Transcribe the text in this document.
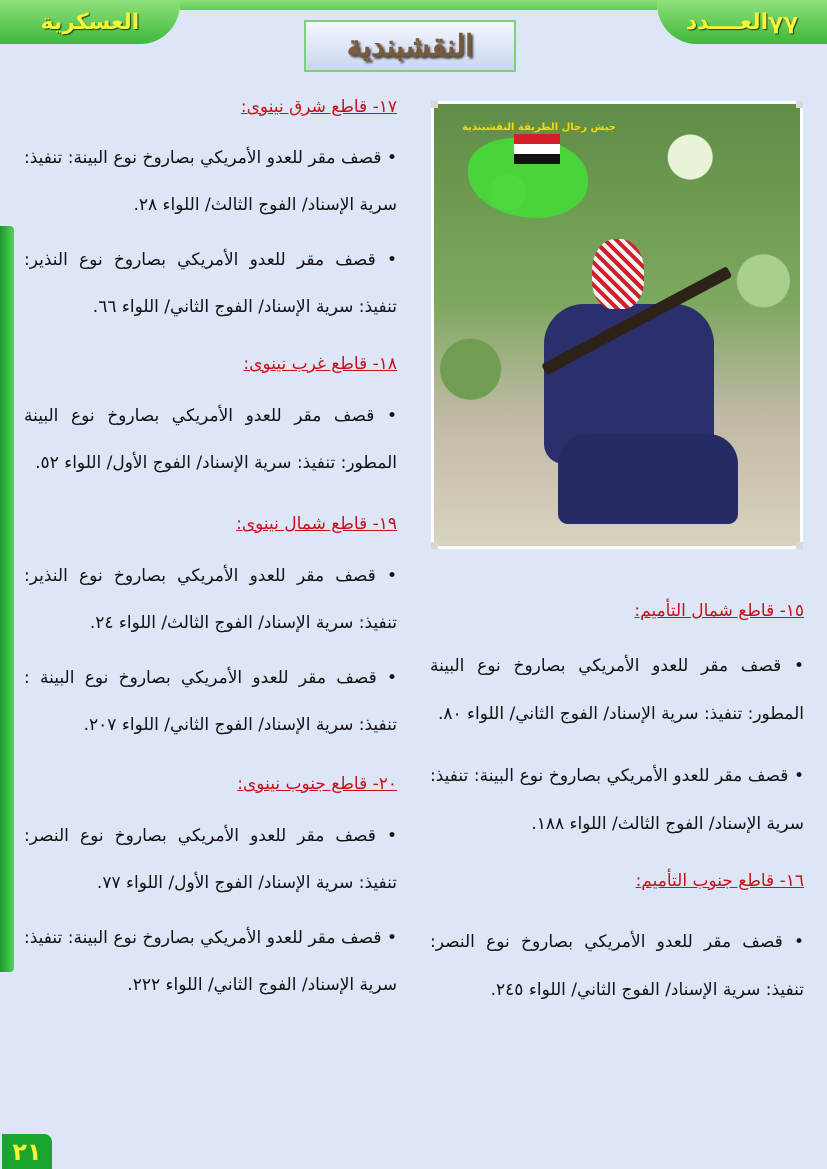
العسكرية	العــــددγγ
النقشبندية
جيش رجال الطريقة النقشبندية

١٧- قاطع شرق نينوى:

• قصف مقر للعدو الأمريكي بصاروخ نوع البينة: تنفيذ: سرية الإسناد/ الفوج الثالث/ اللواء ٢٨.

• قصف مقر للعدو الأمريكي بصاروخ نوع النذير: تنفيذ: سرية الإسناد/ الفوج الثاني/ اللواء ٦٦.

١٨- قاطع غرب نينوى:

• قصف مقر للعدو الأمريكي بصاروخ نوع البينة المطور: تنفيذ: سرية الإسناد/ الفوج الأول/ اللواء ٥٢.

١٩- قاطع شمال نينوى:

• قصف مقر للعدو الأمريكي بصاروخ نوع النذير: تنفيذ: سرية الإسناد/ الفوج الثالث/ اللواء ٢٤.

• قصف مقر للعدو الأمريكي بصاروخ نوع البينة : تنفيذ: سرية الإسناد/ الفوج الثاني/ اللواء ٢٠٧.

٢٠- قاطع جنوب نينوى:

• قصف مقر للعدو الأمريكي بصاروخ نوع النصر: تنفيذ: سرية الإسناد/ الفوج الأول/ اللواء ٧٧.

• قصف مقر للعدو الأمريكي بصاروخ نوع البينة: تنفيذ: سرية الإسناد/ الفوج الثاني/ اللواء ٢٢٢.

١٥- قاطع شمال التأميم:

• قصف مقر للعدو الأمريكي بصاروخ نوع البينة المطور: تنفيذ: سرية الإسناد/ الفوج الثاني/ اللواء ٨٠.

• قصف مقر للعدو الأمريكي بصاروخ نوع البينة: تنفيذ: سرية الإسناد/ الفوج الثالث/ اللواء ١٨٨.

١٦- قاطع جنوب التأميم:

• قصف مقر للعدو الأمريكي بصاروخ نوع النصر: تنفيذ: سرية الإسناد/ الفوج الثاني/ اللواء ٢٤٥.

٢١
